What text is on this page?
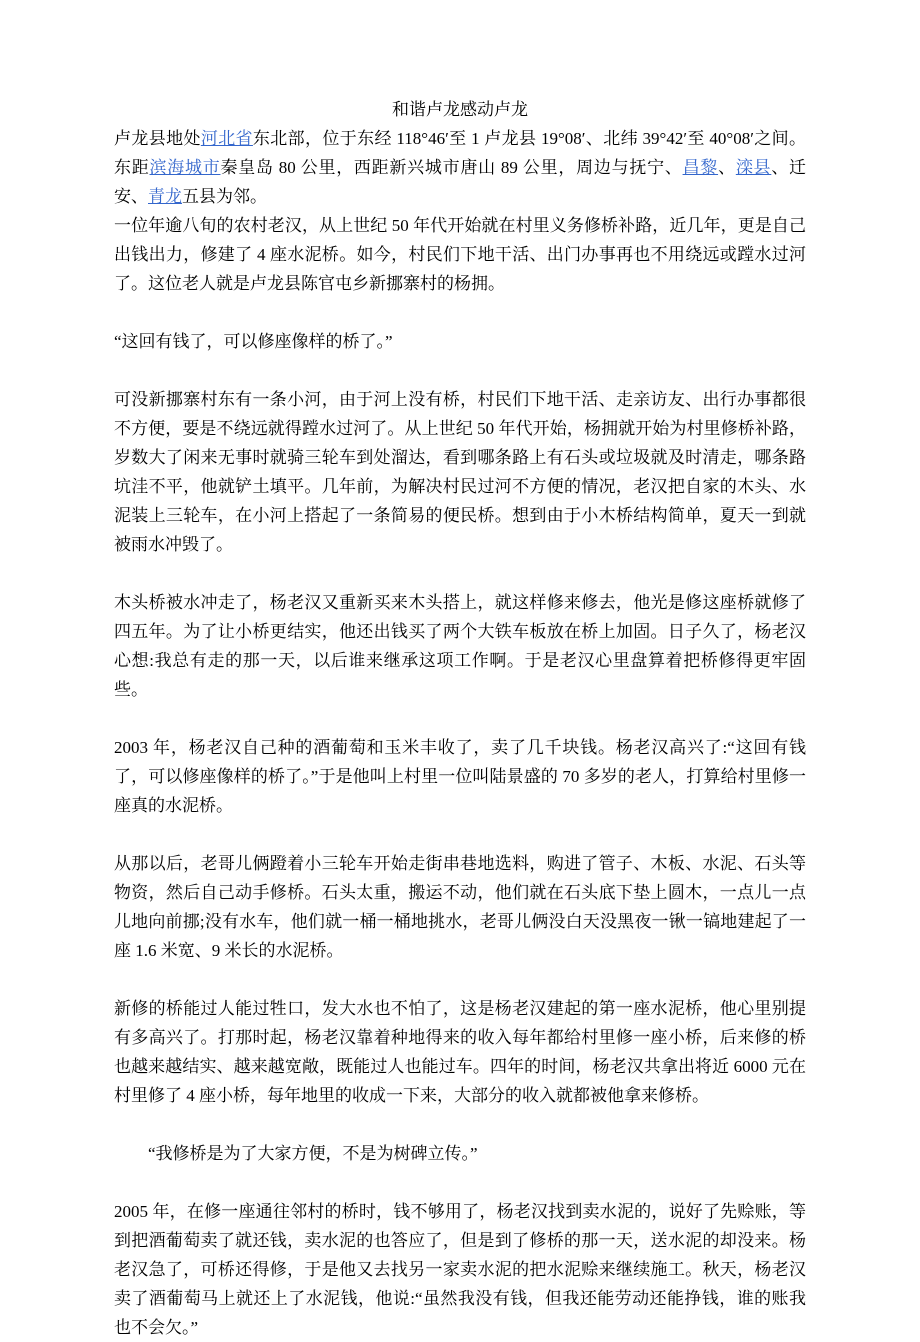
和谐卢龙感动卢龙

卢龙县地处河北省东北部，位于东经 118°46′至 1 卢龙县 19°08′、北纬 39°42′至 40°08′之间。东距滨海城市秦皇岛 80 公里，西距新兴城市唐山 89 公里，周边与抚宁、昌黎、滦县、迁安、青龙五县为邻。

一位年逾八旬的农村老汉，从上世纪 50 年代开始就在村里义务修桥补路，近几年，更是自己出钱出力，修建了 4 座水泥桥。如今，村民们下地干活、出门办事再也不用绕远或蹚水过河了。这位老人就是卢龙县陈官屯乡新挪寨村的杨拥。

“这回有钱了，可以修座像样的桥了。”

可没新挪寨村东有一条小河，由于河上没有桥，村民们下地干活、走亲访友、出行办事都很不方便，要是不绕远就得蹚水过河了。从上世纪 50 年代开始，杨拥就开始为村里修桥补路，岁数大了闲来无事时就骑三轮车到处溜达，看到哪条路上有石头或垃圾就及时清走，哪条路坑洼不平，他就铲土填平。几年前，为解决村民过河不方便的情况，老汉把自家的木头、水泥装上三轮车，在小河上搭起了一条简易的便民桥。想到由于小木桥结构简单，夏天一到就被雨水冲毁了。

木头桥被水冲走了，杨老汉又重新买来木头搭上，就这样修来修去，他光是修这座桥就修了四五年。为了让小桥更结实，他还出钱买了两个大铁车板放在桥上加固。日子久了，杨老汉心想:我总有走的那一天，以后谁来继承这项工作啊。于是老汉心里盘算着把桥修得更牢固些。

2003 年，杨老汉自己种的酒葡萄和玉米丰收了，卖了几千块钱。杨老汉高兴了:“这回有钱了，可以修座像样的桥了。”于是他叫上村里一位叫陆景盛的 70 多岁的老人，打算给村里修一座真的水泥桥。

从那以后，老哥儿俩蹬着小三轮车开始走街串巷地选料，购进了管子、木板、水泥、石头等物资，然后自己动手修桥。石头太重，搬运不动，他们就在石头底下垫上圆木，一点儿一点儿地向前挪;没有水车，他们就一桶一桶地挑水，老哥儿俩没白天没黑夜一锹一镐地建起了一座 1.6 米宽、9 米长的水泥桥。

新修的桥能过人能过牲口，发大水也不怕了，这是杨老汉建起的第一座水泥桥，他心里别提有多高兴了。打那时起，杨老汉靠着种地得来的收入每年都给村里修一座小桥，后来修的桥也越来越结实、越来越宽敞，既能过人也能过车。四年的时间，杨老汉共拿出将近 6000 元在村里修了 4 座小桥，每年地里的收成一下来，大部分的收入就都被他拿来修桥。

“我修桥是为了大家方便，不是为树碑立传。”

2005 年，在修一座通往邻村的桥时，钱不够用了，杨老汉找到卖水泥的，说好了先赊账，等到把酒葡萄卖了就还钱，卖水泥的也答应了，但是到了修桥的那一天，送水泥的却没来。杨老汉急了，可桥还得修，于是他又去找另一家卖水泥的把水泥赊来继续施工。秋天，杨老汉卖了酒葡萄马上就还上了水泥钱，他说:“虽然我没有钱，但我还能劳动还能挣钱，谁的账我也不会欠。”
